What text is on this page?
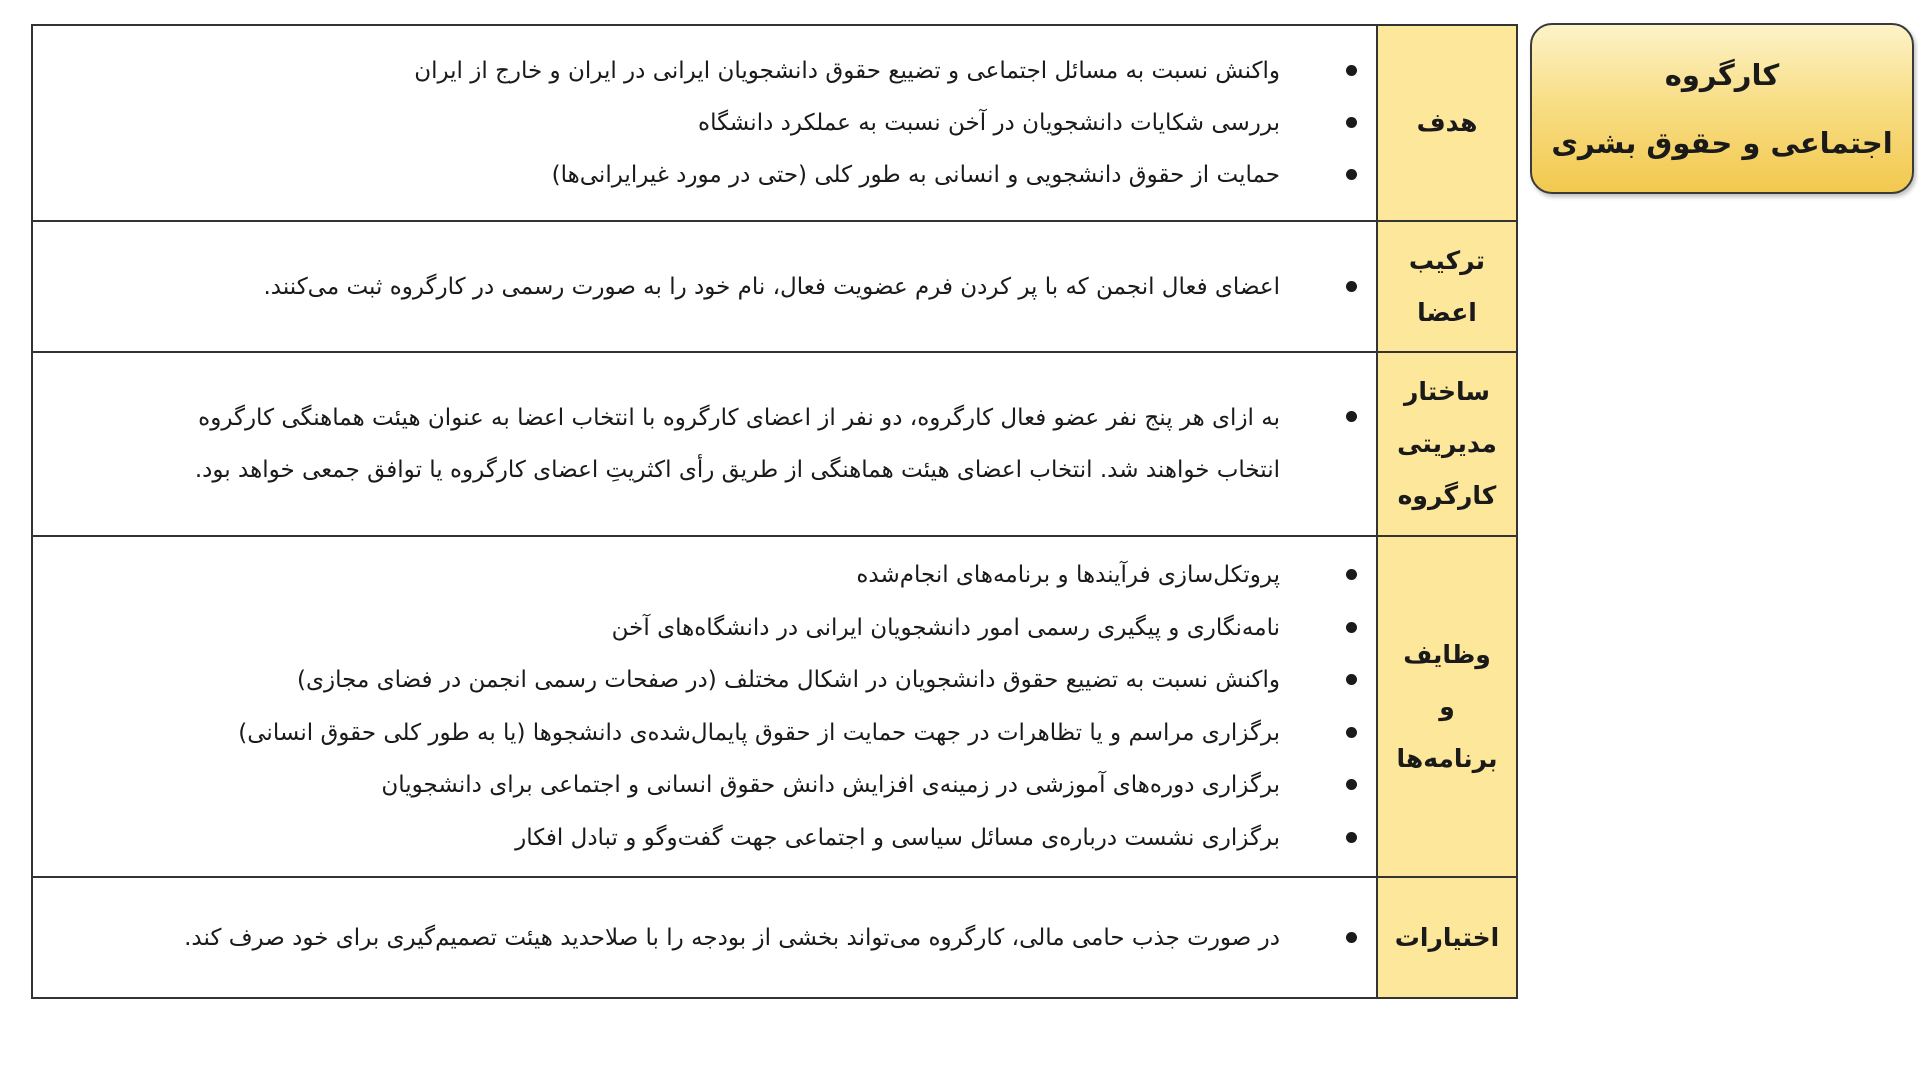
کارگروه
اجتماعی و حقوق بشری
واکنش نسبت به مسائل اجتماعی و تضییع حقوق دانشجویان ایرانی در ایران و خارج از ایران
بررسی شکایات دانشجویان در آخن نسبت به عملکرد دانشگاه
حمایت از حقوق دانشجویی و انسانی به طور کلی (حتی در مورد غیرایرانی‌ها)
هدف
اعضای فعال انجمن که با پر کردن فرم عضویت فعال، نام خود را به صورت رسمی در کارگروه ثبت می‌کنند.
ترکیب
اعضا
به ازای هر پنج نفر عضو فعال کارگروه، دو نفر از اعضای کارگروه با انتخاب اعضا به عنوان هیئت هماهنگی کارگروه
انتخاب خواهند شد. انتخاب اعضای هیئت هماهنگی از طریق رأی اکثریتِ اعضای کارگروه یا توافق جمعی خواهد بود.
ساختار
مدیریتی
کارگروه
پروتکل‌سازی فرآیندها و برنامه‌های انجام‌شده
نامه‌نگاری و پیگیری رسمی امور دانشجویان ایرانی در دانشگاه‌های آخن
واکنش نسبت به تضییع حقوق دانشجویان در اشکال مختلف (در صفحات رسمی انجمن در فضای مجازی)
برگزاری مراسم و یا تظاهرات در جهت حمایت از حقوق پایمال‌شده‌ی دانشجوها (یا به طور کلی حقوق انسانی)
برگزاری دوره‌های آموزشی در زمینه‌ی افزایش دانش حقوق انسانی و اجتماعی برای دانشجویان
برگزاری نشست درباره‌ی مسائل سیاسی و اجتماعی جهت گفت‌وگو و تبادل افکار
وظایف
و
برنامه‌ها
در صورت جذب حامی مالی، کارگروه می‌تواند بخشی از بودجه را با صلاحدید هیئت تصمیم‌گیری برای خود صرف کند.	اختیارات
